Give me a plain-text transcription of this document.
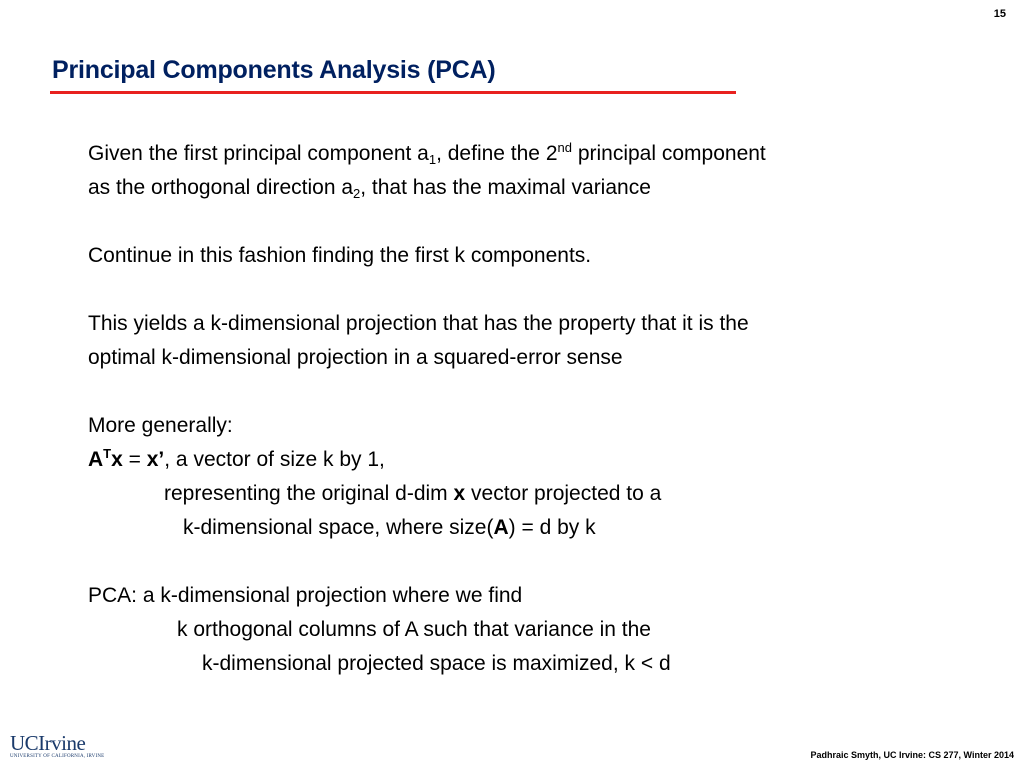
15
Principal Components Analysis (PCA)
Given the first principal component $a_1$, define the 2nd principal component
as the orthogonal direction $a_2$, that has the maximal variance
Continue in this fashion finding the first k components.
This yields a k-dimensional projection that has the property that it is the
optimal k-dimensional projection in a squared-error sense
More generally:
$A^Tx = x$’, a vector of size k by 1,
representing the original d-dim x vector projected to a
k-dimensional space, where size(A) = d by k
PCA: a k-dimensional projection where we find
k orthogonal columns of A such that variance in the
k-dimensional projected space is maximized, k < d
UCIrvine
UNIVERSITY OF CALIFORNIA, IRVINE	Padhraic Smyth, UC Irvine: CS 277, Winter 2014
